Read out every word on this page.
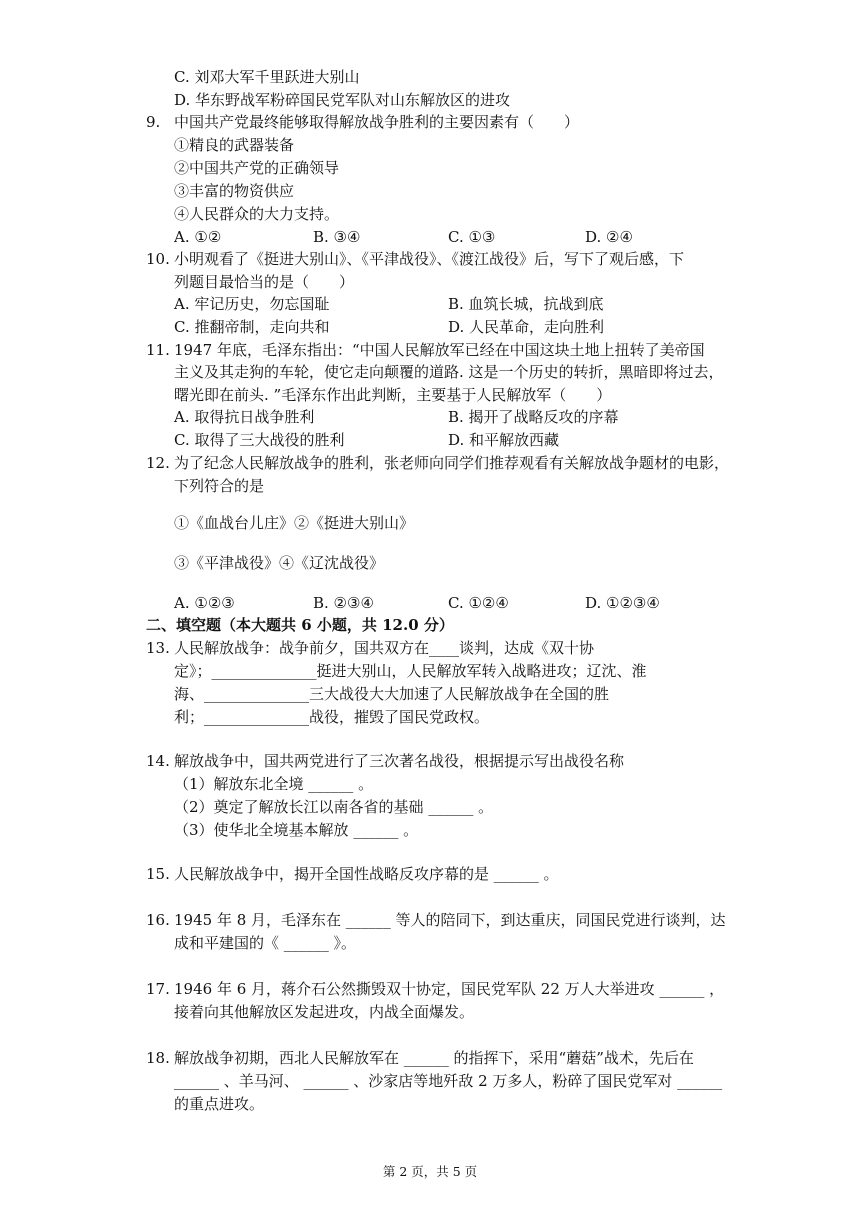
C. 刘邓大军千里跃进大别山
D. 华东野战军粉碎国民党军队对山东解放区的进攻
9. 中国共产党最终能够取得解放战争胜利的主要因素有（　　）
①精良的武器装备
②中国共产党的正确领导
③丰富的物资供应
④人民群众的大力支持。
A. ①②	B. ③④	C. ①③	D. ②④
10. 小明观看了《挺进大别山》、《平津战役》、《渡江战役》后，写下了观后感，下
列题目最恰当的是（　　）
A. 牢记历史，勿忘国耻	B. 血筑长城，抗战到底
C. 推翻帝制，走向共和	D. 人民革命，走向胜利
11. 1947 年底，毛泽东指出：“中国人民解放军已经在中国这块土地上扭转了美帝国
主义及其走狗的车轮，使它走向颠覆的道路. 这是一个历史的转折，黑暗即将过去，
曙光即在前头. ”毛泽东作出此判断，主要基于人民解放军（　　）
A. 取得抗日战争胜利	B. 揭开了战略反攻的序幕
C. 取得了三大战役的胜利	D. 和平解放西藏
12. 为了纪念人民解放战争的胜利，张老师向同学们推荐观看有关解放战争题材的电影，
下列符合的是
①《血战台儿庄》②《挺进大别山》
③《平津战役》④《辽沈战役》
A. ①②③	B. ②③④	C. ①②④	D. ①②③④
二、填空题（本大题共 6 小题，共 12.0 分）
13. 人民解放战争：战争前夕，国共双方在____谈判，达成《双十协
定》；______________挺进大别山，人民解放军转入战略进攻；辽沈、淮
海、______________三大战役大大加速了人民解放战争在全国的胜
利；______________战役，摧毁了国民党政权。
14. 解放战争中，国共两党进行了三次著名战役，根据提示写出战役名称
（1）解放东北全境 ______ 。
（2）奠定了解放长江以南各省的基础 ______ 。
（3）使华北全境基本解放 ______ 。
15. 人民解放战争中，揭开全国性战略反攻序幕的是 ______ 。
16. 1945 年 8 月，毛泽东在 ______ 等人的陪同下，到达重庆，同国民党进行谈判，达
成和平建国的《 ______ 》。
17. 1946 年 6 月，蒋介石公然撕毁双十协定，国民党军队 22 万人大举进攻 ______ ，
接着向其他解放区发起进攻，内战全面爆发。
18. 解放战争初期，西北人民解放军在 ______ 的指挥下，采用“蘑菇”战术，先后在
______ 、羊马河、 ______ 、沙家店等地歼敌 2 万多人，粉碎了国民党军对 ______
的重点进攻。
第 2 页，共 5 页
